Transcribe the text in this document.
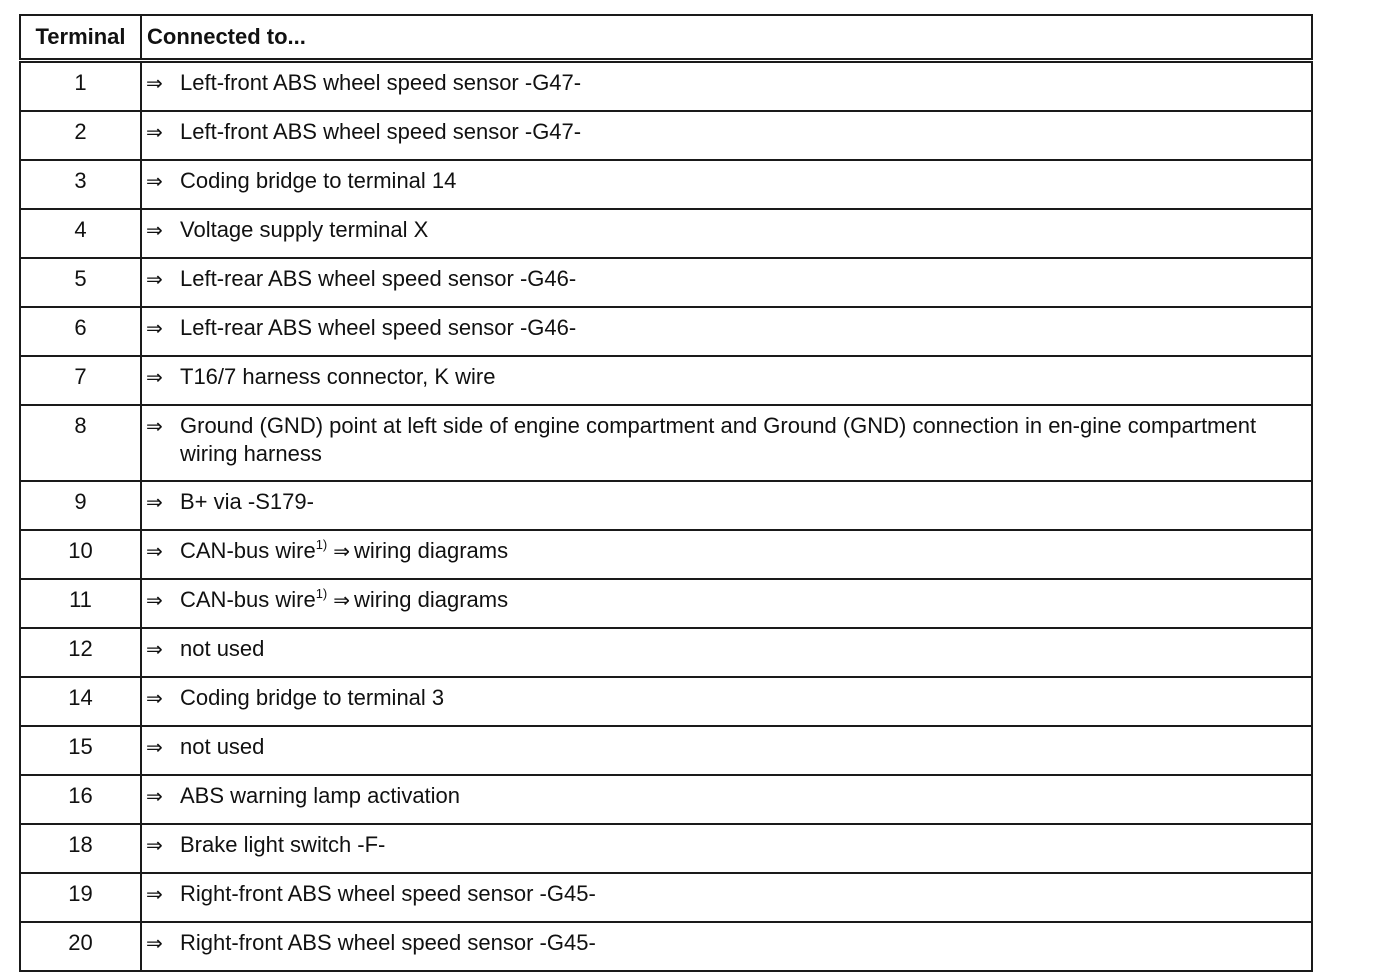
Terminal	Connected to...
1	⇒ Left-front ABS wheel speed sensor -G47-

2	⇒ Left-front ABS wheel speed sensor -G47-

3	⇒ Coding bridge to terminal 14

4	⇒ Voltage supply terminal X

5	⇒ Left-rear ABS wheel speed sensor -G46-

6	⇒ Left-rear ABS wheel speed sensor -G46-

7	⇒ T16/7 harness connector, K wire

8	⇒ Ground (GND) point at left side of engine compartment and Ground (GND) connection in en-gine compartment wiring harness

9	⇒ B+ via -S179-

10	⇒ CAN-bus wire$^{1)}$ ⇒ wiring diagrams

11	⇒ CAN-bus wire$^{1)}$ ⇒ wiring diagrams

12	⇒ not used

14	⇒ Coding bridge to terminal 3

15	⇒ not used

16	⇒ ABS warning lamp activation

18	⇒ Brake light switch -F-

19	⇒ Right-front ABS wheel speed sensor -G45-

20	⇒ Right-front ABS wheel speed sensor -G45-
